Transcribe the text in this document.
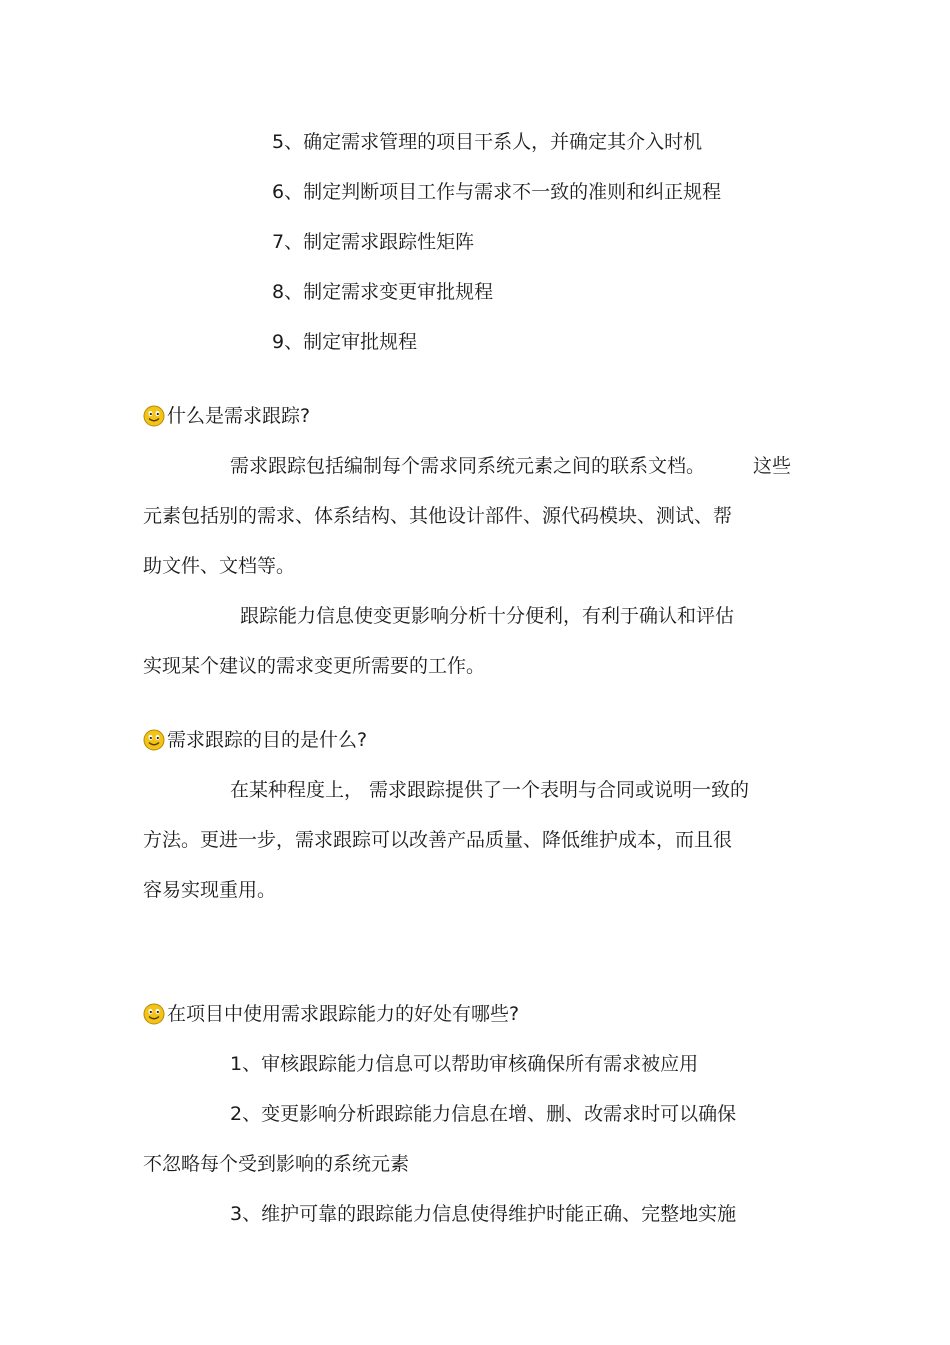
5、确定需求管理的项目干系人，并确定其介入时机

6、制定判断项目工作与需求不一致的准则和纠正规程

7、制定需求跟踪性矩阵

8、制定需求变更审批规程

9、制定审批规程

什么是需求跟踪?

需求跟踪包括编制每个需求同系统元素之间的联系文档。	这些

元素包括别的需求、体系结构、其他设计部件、源代码模块、测试、帮

助文件、文档等。

跟踪能力信息使变更影响分析十分便利，有利于确认和评估

实现某个建议的需求变更所需要的工作。

需求跟踪的目的是什么?

在某种程度上， 需求跟踪提供了一个表明与合同或说明一致的

方法。更进一步，需求跟踪可以改善产品质量、降低维护成本，而且很

容易实现重用。

在项目中使用需求跟踪能力的好处有哪些?

1、审核跟踪能力信息可以帮助审核确保所有需求被应用

2、变更影响分析跟踪能力信息在增、删、改需求时可以确保

不忽略每个受到影响的系统元素

3、维护可靠的跟踪能力信息使得维护时能正确、完整地实施
